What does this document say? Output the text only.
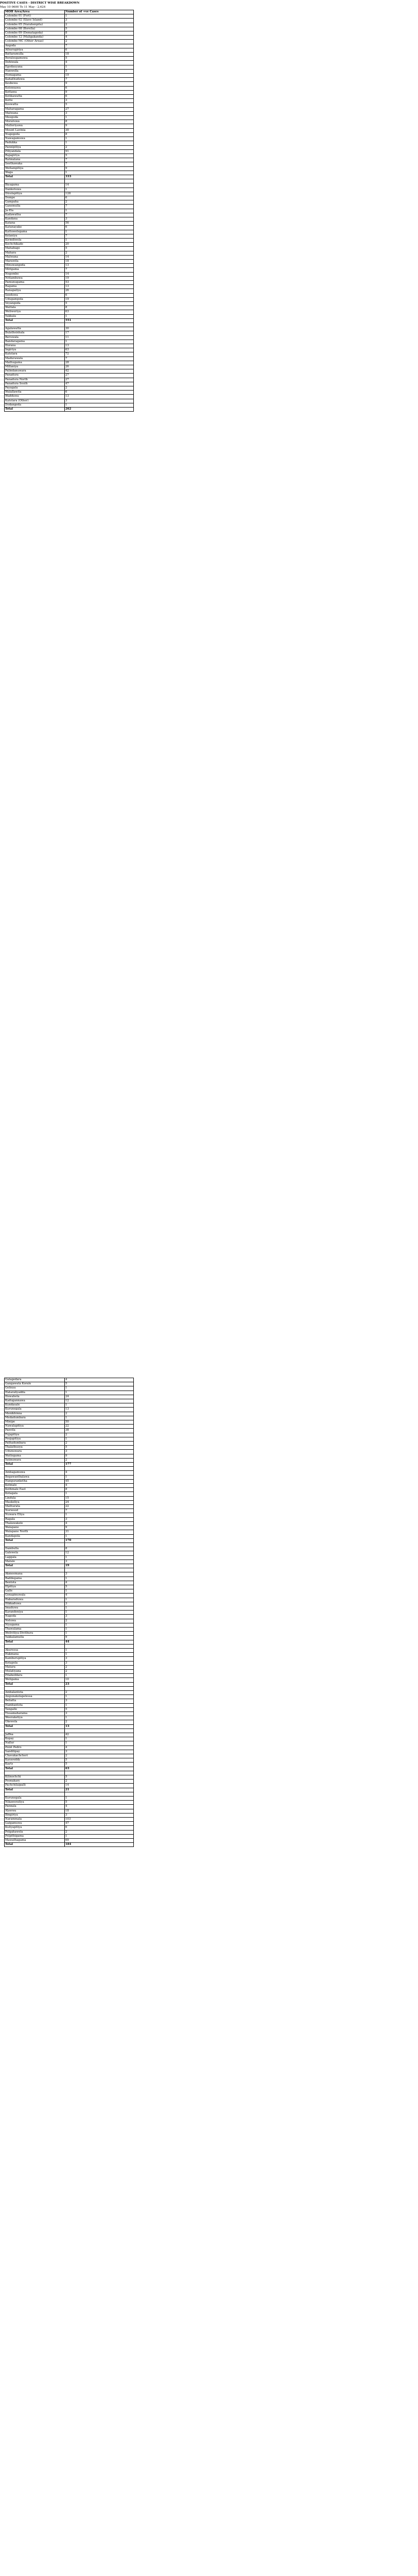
POSITIVE CASES - DISTRICT WISE BREAKDOWN
May 10 0600 To 11 May - 2,624
MOH Area/Area	Number of +ve Cases
Colombo 01 (Fort)	1
Colombo 02 (Slave Island)	3
Colombo 05 (Narahenpita)	2
Colombo 08 (Borella)	5
Colombo 09 (Dematagoda)	8
Colombo 12 (Maligakanda)	4
Colombo MC (Other Areas)	2
Angoda	7
Athurugiriya	6
Battaramulla	18
Boralesgamuwa	5
Dehiwala	4
Egodauyana	1
Hanwella	5
Homagama	19
Kahathuduwa	7
Kesbewa	9
Kolonnawa	6
Kottawa	9
Kotikawatta	6
Kotte	3
Koswatta	5
Maharagama	27
Malwana	3
Meegoda	1
Moratuwa	8
Mulleriyawa	9
Mount Lavinia	30
Nugegoda	8
Nawagamuwa	1
Padukka	1
Pannipitiya	2
Piliyandala	91
Rajagiriya	5
Ratmalana	7
Seethawaka	7
Wellampitiya	9
Waga	1
Total	333

Biyagama	14
Dankotuwa	1
Divulapitiya	128
Dompe	6
Gampaha	2
Ganemulla	7
Ja-Ela	1
Kadawatha	7
Kandana	3
Katana	56
Katunayake	6
Kattuwelegama	1
Kelaniya	7
Kirindiwela	1
Kochchikade	20
Mahabage	5
Mahara	2
Malwana	14
Marawila	18
Minuwangoda	13
Mirigama	7
Negombo	14
Nittambuwa	19
Pamunugama	53
Ragama	13
Ranapaliya	26
Seeduwa	6
Udugampola	19
Veyangoda	5
Wattala	8
Weliweriya	63
Yakkala	1
Total	551

Agalawatta	30
Bulathsinhala	17
Beruwala	11
Bandaragama	1
Horana	13
Ingiriya	63
Kalutara	72
Madurawala	7
Mathugama	28
Millaniya	26
Palindanuwara	42
Panadura	27
Panadura North	27
Panadura South	47
Payagala	2
Walallawita	6
Wadduwa	13
Kalutara (Other)	3
Dodangoda	1
Total	262
Galagedara	4
Gangawata Korale	5
Gelioya	1
Hataraliyadda	1
Hewaheta	24
Kadugannawa	12
Kundasale	1
Kurunegala	13
Menikhinna	2
Medadumbara	1
Minipe	50
Nawalapitiya	22
Panvila	38
Pujapitiya	2
Poojapitiya	1
Pathadumbara	2
Thalathuoya	5
Udunuwara	3
Wattegama	9
Yatinuwara	2
Total	177

Ambagamuwa	4
Bogawanthalawa	1
Hanguranketha	45
Kotmale	4
Kothmale East	8
Kotagala	1
Lindula	15
Maskeliya	24
Mathurata	22
Norwood	7
Nuwara Eliya	1
Ragala	3
Thalawakele	4
Walapane	9
Walapane North	31
Kandapola	1
Total	170

Dambulla	8
Galewela	12
Laggala	1
Matale	3
Total	19

Akmeemana	3
Baddegama	1
Bentota	4
Elpitiya	5
Galle	1
Gonapinuwala	4
Habaraduwa	1
Hikkaduwa	3
Imaduwa	1
Karandeniya	1
Nagoda	3
Neluwa	2
Niyagama	1
Thawalama	1
Welivitiya-Divithura	1
Yakkalamulla	9
Total	44

Akuressa	1
Hakmana	1
Kamburupitiya	3
Kotapola	3
Matara	2
Mulatiyana	2
Pitabeddara	1
Weligama	10
Total	23

Ambalantota	2
Angunakolapelessa	1
Beliatta	3
Hambantota	1
Tangalle	5
Tissamaharama	3
Weeraketiya	1
Okewela	2
Total	13

Jaffna	42
Kopay	1
Nallur	1
Point Pedro	4
Sandilipay	3
Chavakachcheri	2
Karaveddy	5
Kayts	5
Total	63

Kilinochchi	5
Poonakary	2
Pachchilaipalli	14
Total	21

Kurunegala	1
Nikaweratiya	5
Pannala	4
Alawwa	18
Bingiriya	3
Narammala	103
Galgamuwa	47
Kuliyapitiya	6
Polgahawela	2
Polpithigama	1
Mawathagama	69
Total	184
